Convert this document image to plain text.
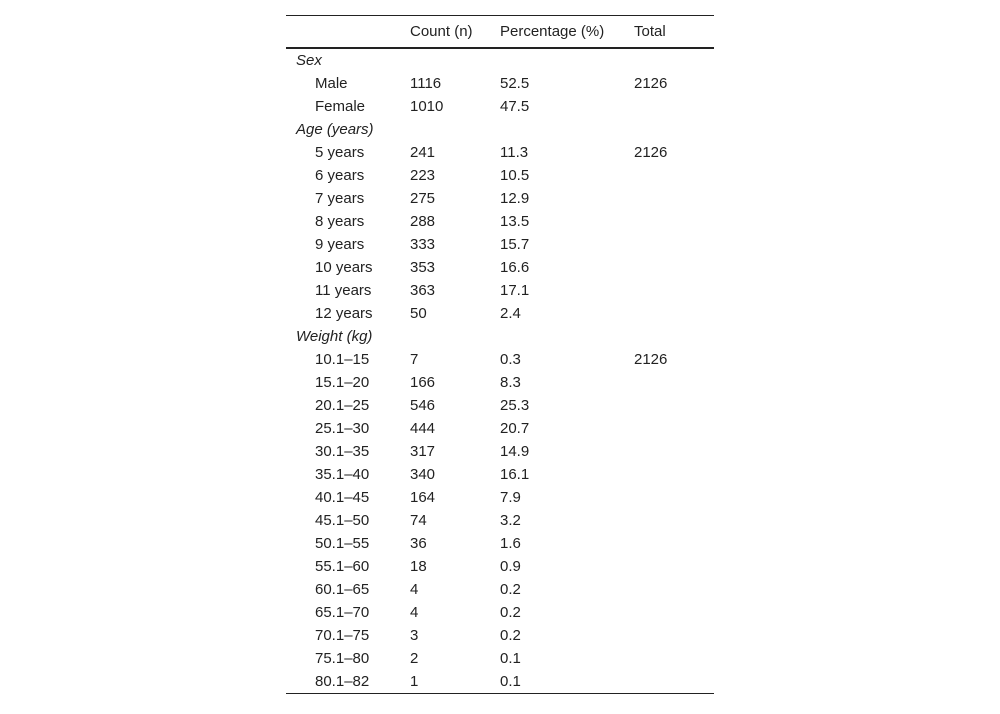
	Count (n)	Percentage (%)	Total
Sex			
Male	1116	52.5	2126
Female	1010	47.5	
Age (years)			
5 years	241	11.3	2126
6 years	223	10.5	
7 years	275	12.9	
8 years	288	13.5	
9 years	333	15.7	
10 years	353	16.6	
11 years	363	17.1	
12 years	50	2.4	
Weight (kg)			
10.1–15	7	0.3	2126
15.1–20	166	8.3	
20.1–25	546	25.3	
25.1–30	444	20.7	
30.1–35	317	14.9	
35.1–40	340	16.1	
40.1–45	164	7.9	
45.1–50	74	3.2	
50.1–55	36	1.6	
55.1–60	18	0.9	
60.1–65	4	0.2	
65.1–70	4	0.2	
70.1–75	3	0.2	
75.1–80	2	0.1	
80.1–82	1	0.1	
